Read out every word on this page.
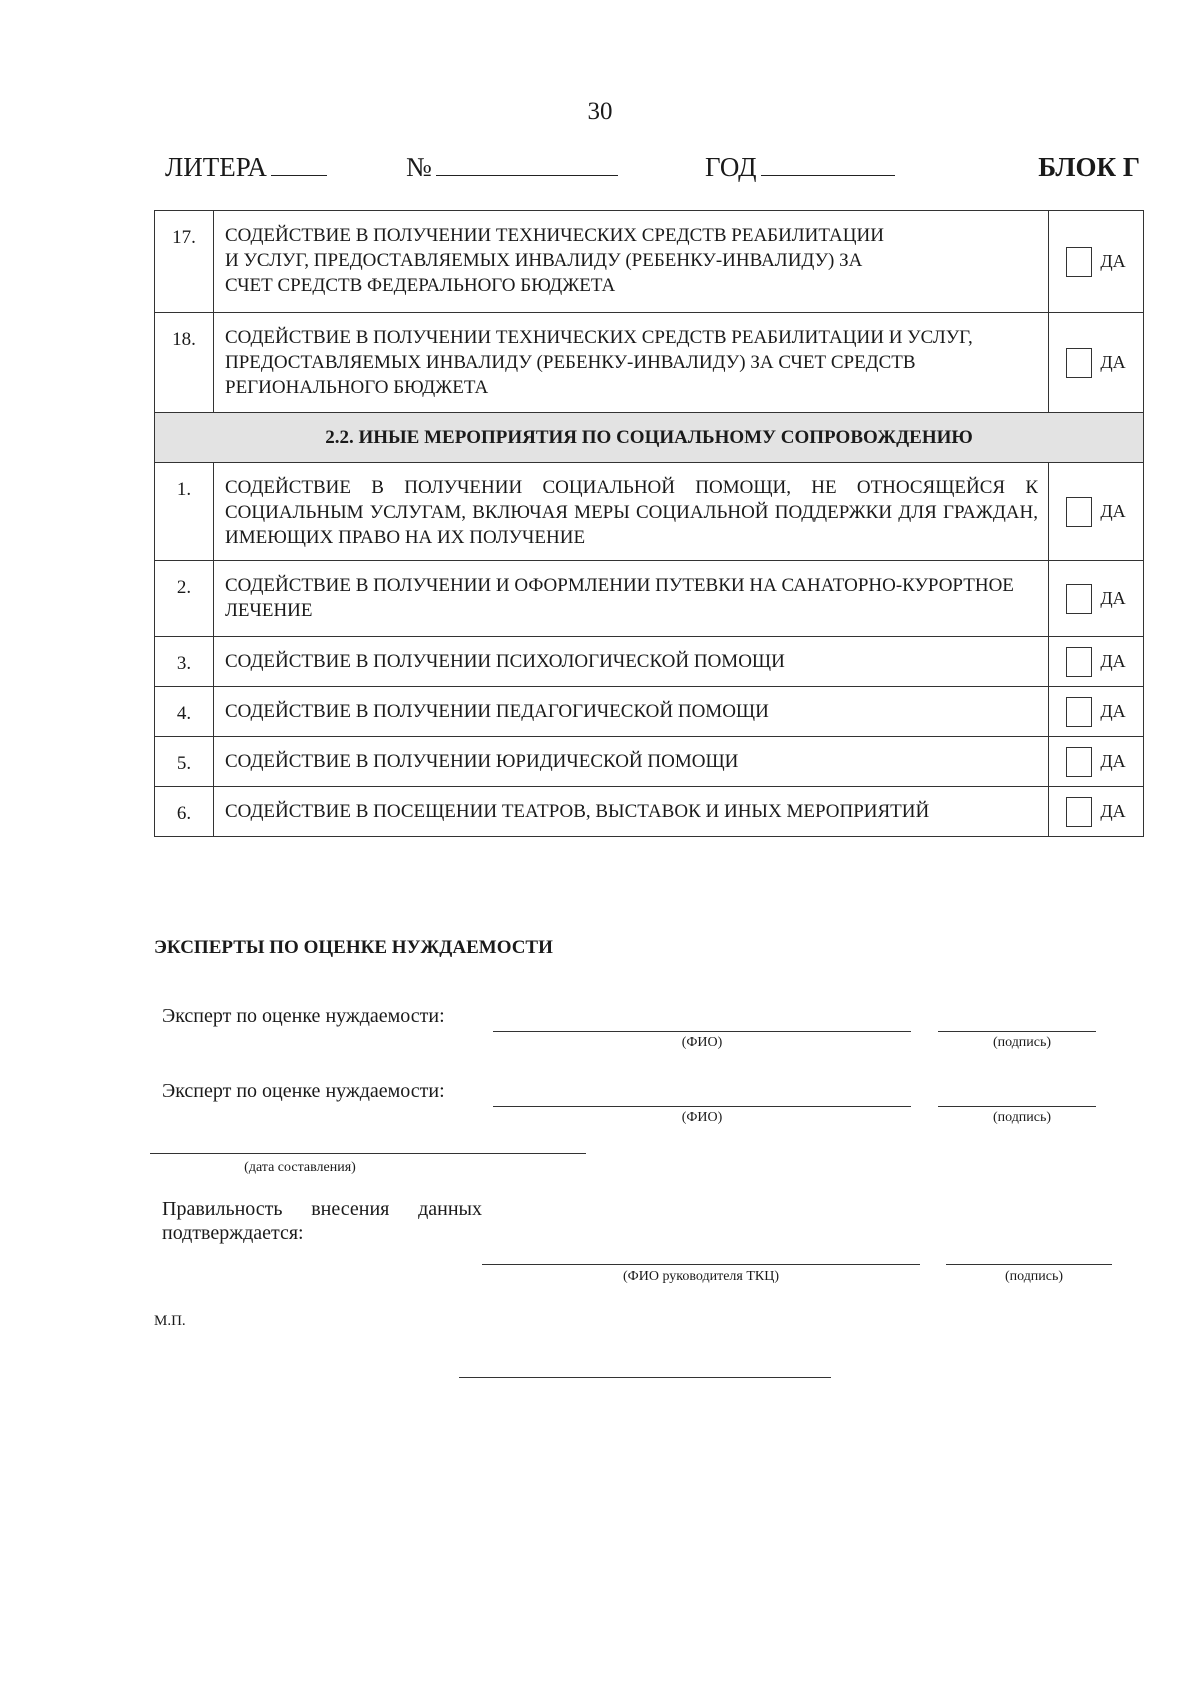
30
ЛИТЕРА	№	ГОД	БЛОК Г
17.	СОДЕЙСТВИЕ В ПОЛУЧЕНИИ ТЕХНИЧЕСКИХ СРЕДСТВ РЕАБИЛИТАЦИИ И УСЛУГ, ПРЕДОСТАВЛЯЕМЫХ ИНВАЛИДУ (РЕБЕНКУ-ИНВАЛИДУ) ЗА СЧЕТ СРЕДСТВ ФЕДЕРАЛЬНОГО БЮДЖЕТА	ДА

18.	СОДЕЙСТВИЕ В ПОЛУЧЕНИИ ТЕХНИЧЕСКИХ СРЕДСТВ РЕАБИЛИТАЦИИ И УСЛУГ, ПРЕДОСТАВЛЯЕМЫХ ИНВАЛИДУ (РЕБЕНКУ-ИНВАЛИДУ) ЗА СЧЕТ СРЕДСТВ РЕГИОНАЛЬНОГО БЮДЖЕТА	ДА

2.2. ИНЫЕ МЕРОПРИЯТИЯ ПО СОЦИАЛЬНОМУ СОПРОВОЖДЕНИЮ		
1.	СОДЕЙСТВИЕ В ПОЛУЧЕНИИ СОЦИАЛЬНОЙ ПОМОЩИ, НЕ ОТНОСЯЩЕЙСЯ К СОЦИАЛЬНЫМ УСЛУГАМ, ВКЛЮЧАЯ МЕРЫ СОЦИАЛЬНОЙ ПОДДЕРЖКИ ДЛЯ ГРАЖДАН, ИМЕЮЩИХ ПРАВО НА ИХ ПОЛУЧЕНИЕ	ДА

2.	СОДЕЙСТВИЕ В ПОЛУЧЕНИИ И ОФОРМЛЕНИИ ПУТЕВКИ НА САНАТОРНО-КУРОРТНОЕ ЛЕЧЕНИЕ	ДА

3.	СОДЕЙСТВИЕ В ПОЛУЧЕНИИ ПСИХОЛОГИЧЕСКОЙ ПОМОЩИ	ДА

4.	СОДЕЙСТВИЕ В ПОЛУЧЕНИИ ПЕДАГОГИЧЕСКОЙ ПОМОЩИ	ДА

5.	СОДЕЙСТВИЕ В ПОЛУЧЕНИИ ЮРИДИЧЕСКОЙ ПОМОЩИ	ДА

6.	СОДЕЙСТВИЕ В ПОСЕЩЕНИИ ТЕАТРОВ, ВЫСТАВОК И ИНЫХ МЕРОПРИЯТИЙ	ДА
ЭКСПЕРТЫ ПО ОЦЕНКЕ НУЖДАЕМОСТИ
Эксперт по оценке нуждаемости:
(ФИО)	(подпись)
Эксперт по оценке нуждаемости:
(ФИО)	(подпись)
(дата составления)
Правильность внесения данных
подтверждается:
(ФИО руководителя ТКЦ)	(подпись)
М.П.
